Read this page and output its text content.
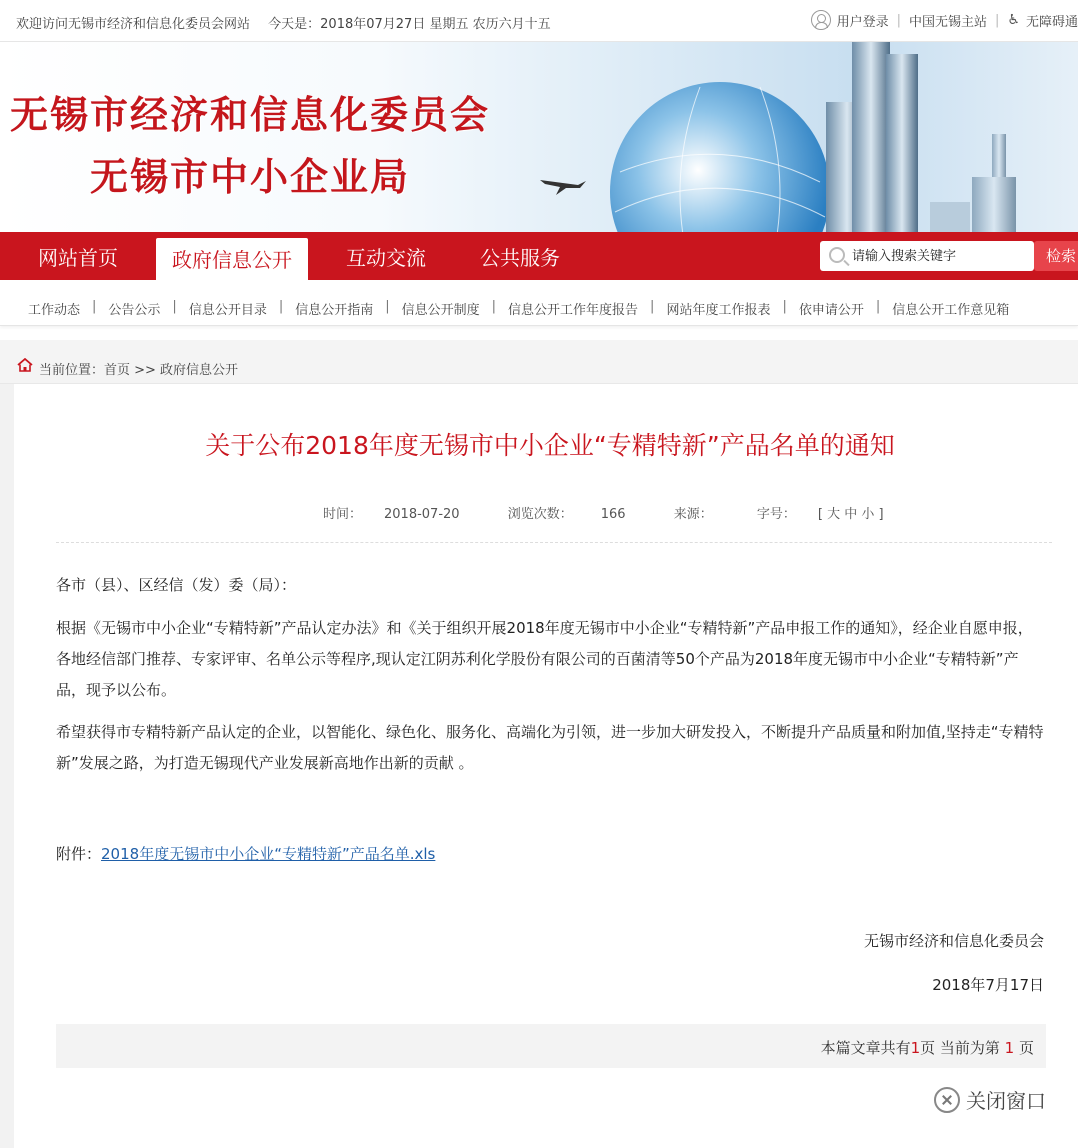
欢迎访问无锡市经济和信息化委员会网站 今天是：2018年07月27日 星期五 农历六月十五	用户登录 | 中国无锡主站 | ♿ 无障碍通
无锡市经济和信息化委员会
无锡市中小企业局
网站首页	政府信息公开	互动交流	公共服务
请输入搜索关键字	检索
工作动态 | 公告公示 | 信息公开目录 | 信息公开指南 | 信息公开制度 | 信息公开工作年度报告 | 网站年度工作报表 | 依申请公开 | 信息公开工作意见箱
当前位置：首页 >> 政府信息公开
关于公布2018年度无锡市中小企业“专精特新”产品名单的通知
时间： 2018-07-20	浏览次数： 166	来源：	字号： [ 大 中 小 ]
各市（县）、区经信（发）委（局）：
根据《无锡市中小企业“专精特新”产品认定办法》和《关于组织开展2018年度无锡市中小企业“专精特新”产品申报工作的通知》，经企业自愿申报，各地经信部门推荐、专家评审、名单公示等程序,现认定江阴苏利化学股份有限公司的百菌清等50个产品为2018年度无锡市中小企业“专精特新”产品，现予以公布。
希望获得市专精特新产品认定的企业，以智能化、绿色化、服务化、高端化为引领，进一步加大研发投入，不断提升产品质量和附加值,坚持走“专精特新”发展之路，为打造无锡现代产业发展新高地作出新的贡献 。
附件：2018年度无锡市中小企业“专精特新”产品名单.xls
无锡市经济和信息化委员会
2018年7月17日
本篇文章共有1页 当前为第 1 页
关闭窗口
